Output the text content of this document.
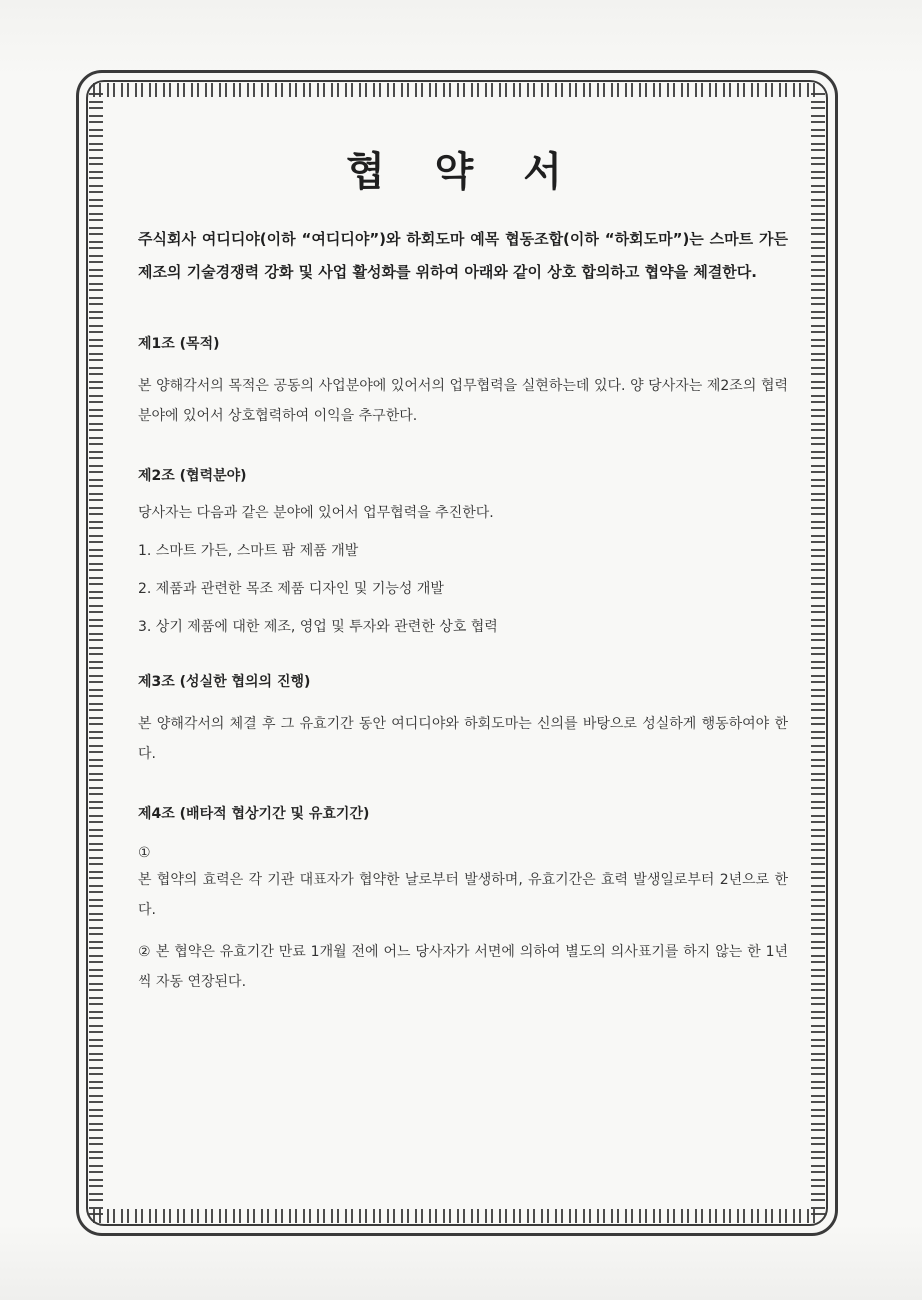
협 약 서

주식회사 여디디야(이하 “여디디야”)와 하회도마 예목 협동조합(이하 “하회도마”)는 스마트 가든 제조의 기술경쟁력 강화 및 사업 활성화를 위하여 아래와 같이 상호 합의하고 협약을 체결한다.

제1조 (목적)

본 양해각서의 목적은 공동의 사업분야에 있어서의 업무협력을 실현하는데 있다. 양 당사자는 제2조의 협력 분야에 있어서 상호협력하여 이익을 추구한다.

제2조 (협력분야)

당사자는 다음과 같은 분야에 있어서 업무협력을 추진한다.

1. 스마트 가든, 스마트 팜 제품 개발

2. 제품과 관련한 목조 제품 디자인 및 기능성 개발

3. 상기 제품에 대한 제조, 영업 및 투자와 관련한 상호 협력

제3조 (성실한 협의의 진행)

본 양해각서의 체결 후 그 유효기간 동안 여디디야와 하회도마는 신의를 바탕으로 성실하게 행동하여야 한다.

제4조 (배타적 협상기간 및 유효기간)

①

본 협약의 효력은 각 기관 대표자가 협약한 날로부터 발생하며, 유효기간은 효력 발생일로부터 2년으로 한다.

② 본 협약은 유효기간 만료 1개월 전에 어느 당사자가 서면에 의하여 별도의 의사표기를 하지 않는 한 1년씩 자동 연장된다.
